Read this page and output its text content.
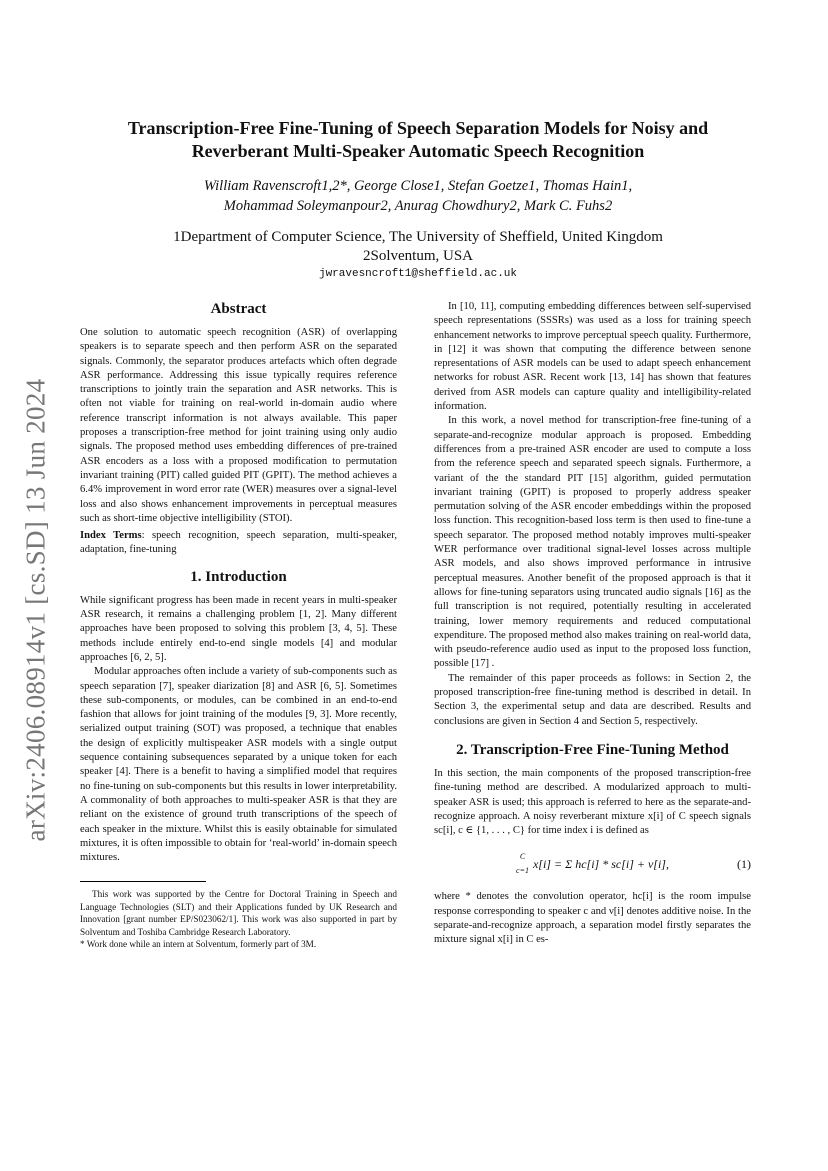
arXiv:2406.08914v1 [cs.SD] 13 Jun 2024
Transcription-Free Fine-Tuning of Speech Separation Models for Noisy and
Reverberant Multi-Speaker Automatic Speech Recognition
William Ravenscroft1,2*, George Close1, Stefan Goetze1, Thomas Hain1,
Mohammad Soleymanpour2, Anurag Chowdhury2, Mark C. Fuhs2
1Department of Computer Science, The University of Sheffield, United Kingdom
2Solventum, USA
jwravesncroft1@sheffield.ac.uk
Abstract

One solution to automatic speech recognition (ASR) of overlapping speakers is to separate speech and then perform ASR on the separated signals. Commonly, the separator produces artefacts which often degrade ASR performance. Addressing this issue typically requires reference transcriptions to jointly train the separation and ASR networks. This is often not viable for training on real-world in-domain audio where reference transcript information is not always available. This paper proposes a transcription-free method for joint training using only audio signals. The proposed method uses embedding differences of pre-trained ASR encoders as a loss with a proposed modification to permutation invariant training (PIT) called guided PIT (GPIT). The method achieves a 6.4% improvement in word error rate (WER) measures over a signal-level loss and also shows enhancement improvements in perceptual measures such as short-time objective intelligibility (STOI).

Index Terms: speech recognition, speech separation, multi-speaker, adaptation, fine-tuning

1. Introduction

While significant progress has been made in recent years in multi-speaker ASR research, it remains a challenging problem [1, 2]. Many different approaches have been proposed to solving this problem [3, 4, 5]. These methods include entirely end-to-end single models [4] and modular approaches [6, 2, 5].

Modular approaches often include a variety of sub-components such as speech separation [7], speaker diarization [8] and ASR [6, 5]. Sometimes these sub-components, or modules, can be combined in an end-to-end fashion that allows for joint training of the modules [9, 3]. More recently, serialized output training (SOT) was proposed, a technique that enables the design of explicitly multispeaker ASR models with a single output sequence containing subsequences separated by a unique token for each speaker [4]. There is a benefit to having a simplified model that requires no fine-tuning on sub-components but this results in lower interpretability. A commonality of both approaches to multi-speaker ASR is that they are reliant on the existence of ground truth transcriptions of the speech of each speaker in the mixture. Whilst this is easily obtainable for simulated mixtures, it is often impossible to obtain for ‘real-world’ in-domain speech mixtures.

This work was supported by the Centre for Doctoral Training in Speech and Language Technologies (SLT) and their Applications funded by UK Research and Innovation [grant number EP/S023062/1]. This work was also supported in part by Solventum and Toshiba Cambridge Research Laboratory.

* Work done while an intern at Solventum, formerly part of 3M.

In [10, 11], computing embedding differences between self-supervised speech representations (SSSRs) was used as a loss for training speech enhancement networks to improve perceptual speech quality. Furthermore, in [12] it was shown that computing the difference between senone representations of ASR models can be used to adapt speech enhancement networks for robust ASR. Recent work [13, 14] has shown that features derived from ASR models can capture quality and intelligibility-related information.

In this work, a novel method for transcription-free fine-tuning of a separate-and-recognize modular approach is proposed. Embedding differences from a pre-trained ASR encoder are used to compute a loss from the reference speech and separated speech signals. Furthermore, a variant of the the standard PIT [15] algorithm, guided permutation invariant training (GPIT) is proposed to properly address speaker permutation solving of the ASR encoder embeddings within the proposed loss function. This recognition-based loss term is then used to fine-tune a speech separator. The proposed method notably improves multi-speaker WER performance over traditional signal-level losses across multiple ASR models, and also shows improved performance in intrusive perceptual measures. Another benefit of the proposed approach is that it allows for fine-tuning separators using truncated audio signals [16] as the full transcription is not required, potentially resulting in accelerated training, lower memory requirements and reduced computational expenditure. The proposed method also makes training on real-world data, with pseudo-reference audio used as input to the proposed loss function, possible [17] .

The remainder of this paper proceeds as follows: in Section 2, the proposed transcription-free fine-tuning method is described in detail. In Section 3, the experimental setup and data are described. Results and conclusions are given in Section 4 and Section 5, respectively.

2. Transcription-Free Fine-Tuning Method

In this section, the main components of the proposed transcription-free fine-tuning method are described. A modularized approach to multi-speaker ASR is used; this approach is referred to here as the separate-and-recognize approach. A noisy reverberant mixture x[i] of C speech signals sc[i], c ∈ {1, . . . , C} for time index i is defined as

C
c=1 x[i] = Σ hc[i] * sc[i] + ν[i],	(1)

where * denotes the convolution operator, hc[i] is the room impulse response corresponding to speaker c and ν[i] denotes additive noise. In the separate-and-recognize approach, a separation model firstly separates the mixture signal x[i] in C es-
